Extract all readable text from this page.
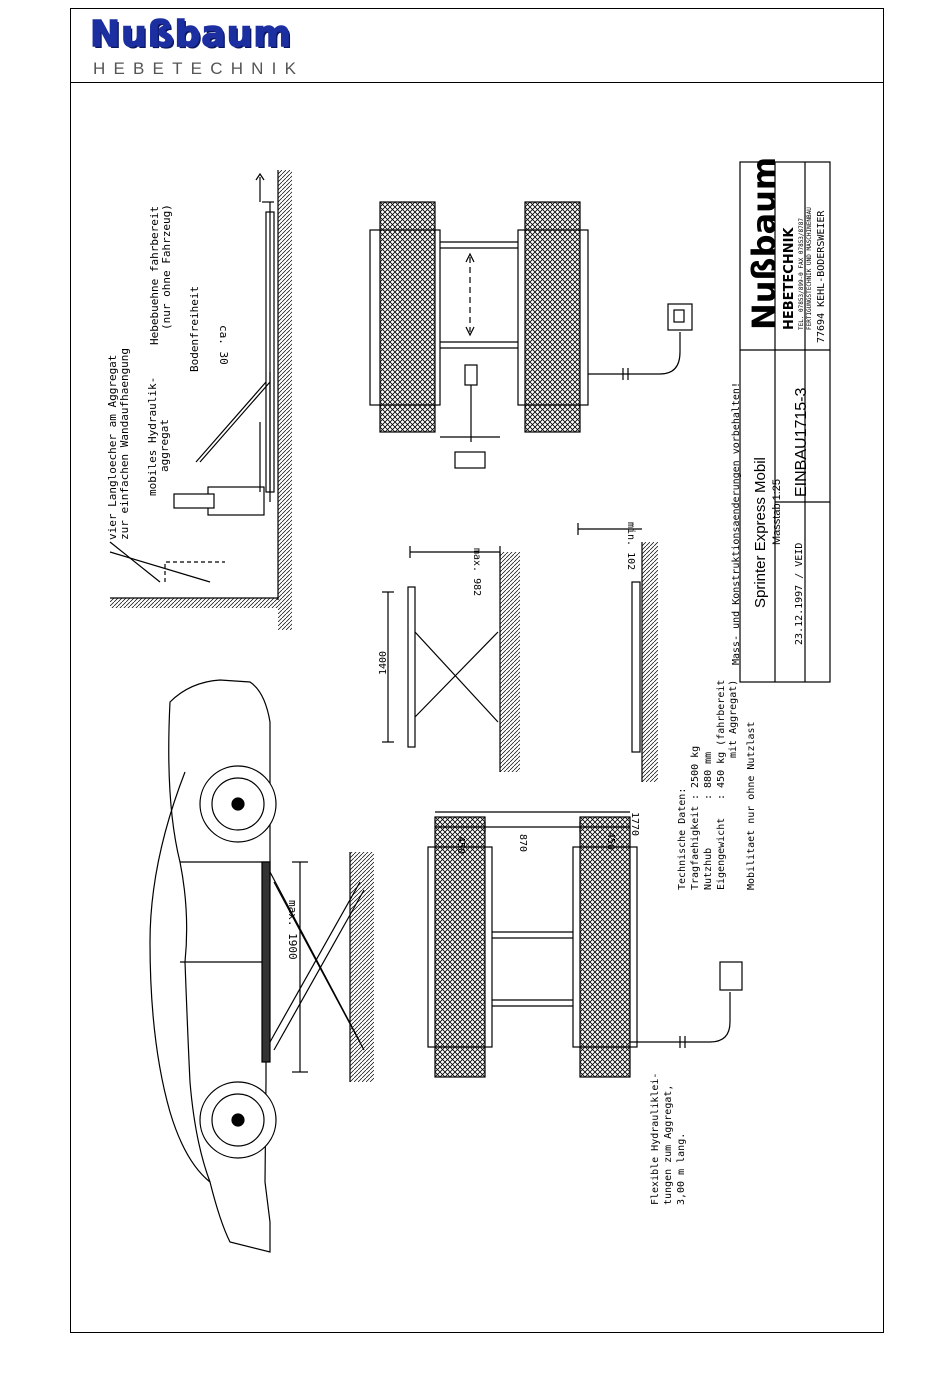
Nußbaum
HEBETECHNIK
vier Langloecher am Aggregat zur einfachen Wandaufhaengung mobiles Hydraulik- aggregat
Hebebuehne fahrbereit (nur ohne Fahrzeug) Bodenfreiheit ca. 30
max. 1900
1400
max. 982
min. 102
1770
450
870
450	Technische Daten: Tragfaehigkeit
: 2500 kg
Nutzhub
: 880 mm
Eigengewicht
: 450 kg (fahrbereit mit Aggregat)
Mobilitaet nur ohne Nutzlast
Flexible Hydrauliklei- tungen zum Aggregat, 3,00 m lang.
Mass- und Konstruktionsaenderungen vorbehalten! Sprinter Express Mobil Masstab 1:25
23.12.1997 / VEID
EINBAU1715-3
Nußbaum HEBETECHNIK TEL. 07853/899-0 FAX 07853/8787 FERTIGUNGSTECHNIK UND MASCHINENBAU 77694 KEHL-BODERSWEIER
